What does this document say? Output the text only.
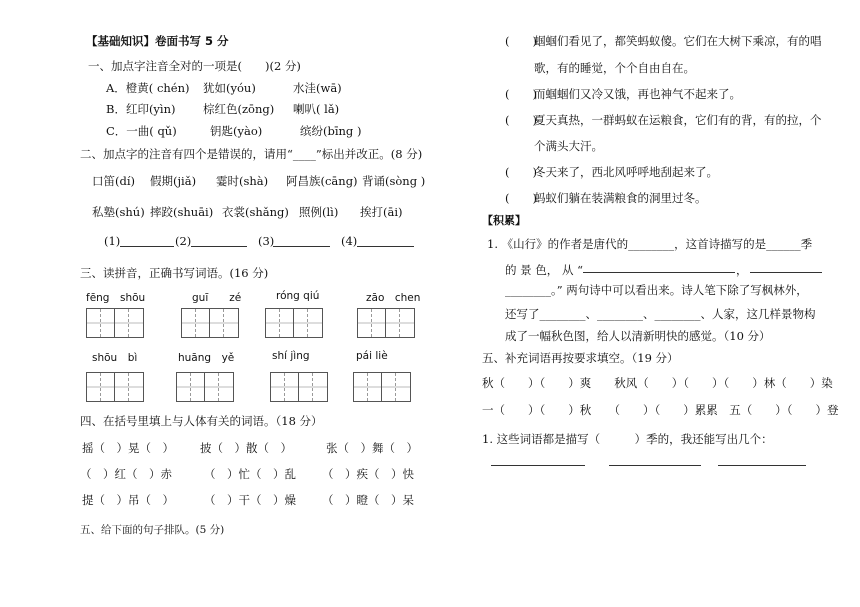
【基础知识】卷面书写 5 分
一、加点字注音全对的一项是(　　)(2 分)
A．橙黄( chén) 犹如(yóu)	水洼(wā)
B．红印(yìn) 棕红色(zōng) 喇叭( lǎ)
C．一曲( qǔ)	钥匙(yào)	缤纷(bīng )
二、加点字的注音有四个是错误的，请用“____”标出并改正。(8 分)
口笛(dí) 假期(jiǎ) 霎时(shà) 阿昌族(cāng) 背诵(sòng )
私塾(shú) 摔跤(shuāi) 衣裳(shǎng) 照例(lì) 挨打(āi)
(1)	(2)	(3)	(4)
三、读拼音，正确书写词语。(16 分)
fēng　shōu	guī　　zé	róng qiú	zāo　chen
shōu　bì	huāng　yě	shí jìng	pái liè
四、在括号里填上与人体有关的词语。（18 分）
摇（　）晃（　） 披（　）散（　）	张（　）舞（　）
（　）红（　）赤	（　）忙（　）乱 （　）疾（　）快
提（　）吊（　）	（　）干（　）燥 （　）瞪（　）呆
五、给下面的句子排队。(5 分)
(　　)
蝈蝈们看见了，都笑蚂蚁傻。它们在大树下乘凉，有的唱
歌，有的睡觉，个个自由自在。
(　　)
而蝈蝈们又冷又饿，再也神气不起来了。
(　　)
夏天真热，一群蚂蚁在运粮食，它们有的背，有的拉，个
个满头大汗。
(　　)
冬天来了，西北风呼呼地刮起来了。
(　　)
蚂蚁们躺在装满粮食的洞里过冬。
【积累】
1. 《山行》的作者是唐代的________，这首诗描写的是______季
的 景 色， 从 “	，
________。” 两句诗中可以看出来。诗人笔下除了写枫林外，
还写了________、________、________、人家，这几样景物构
成了一幅秋色图，给人以清新明快的感觉。（10 分）
五、补充词语再按要求填空。（19 分）
秋（　　）（　　）爽　　秋风（　　）（　　）（　　）林（　　）染
一（　　）（　　）秋　　（　　）（　　）累累　五（　　）（　　）登
1. 这些词语都是描写（　　　）季的，我还能写出几个：
